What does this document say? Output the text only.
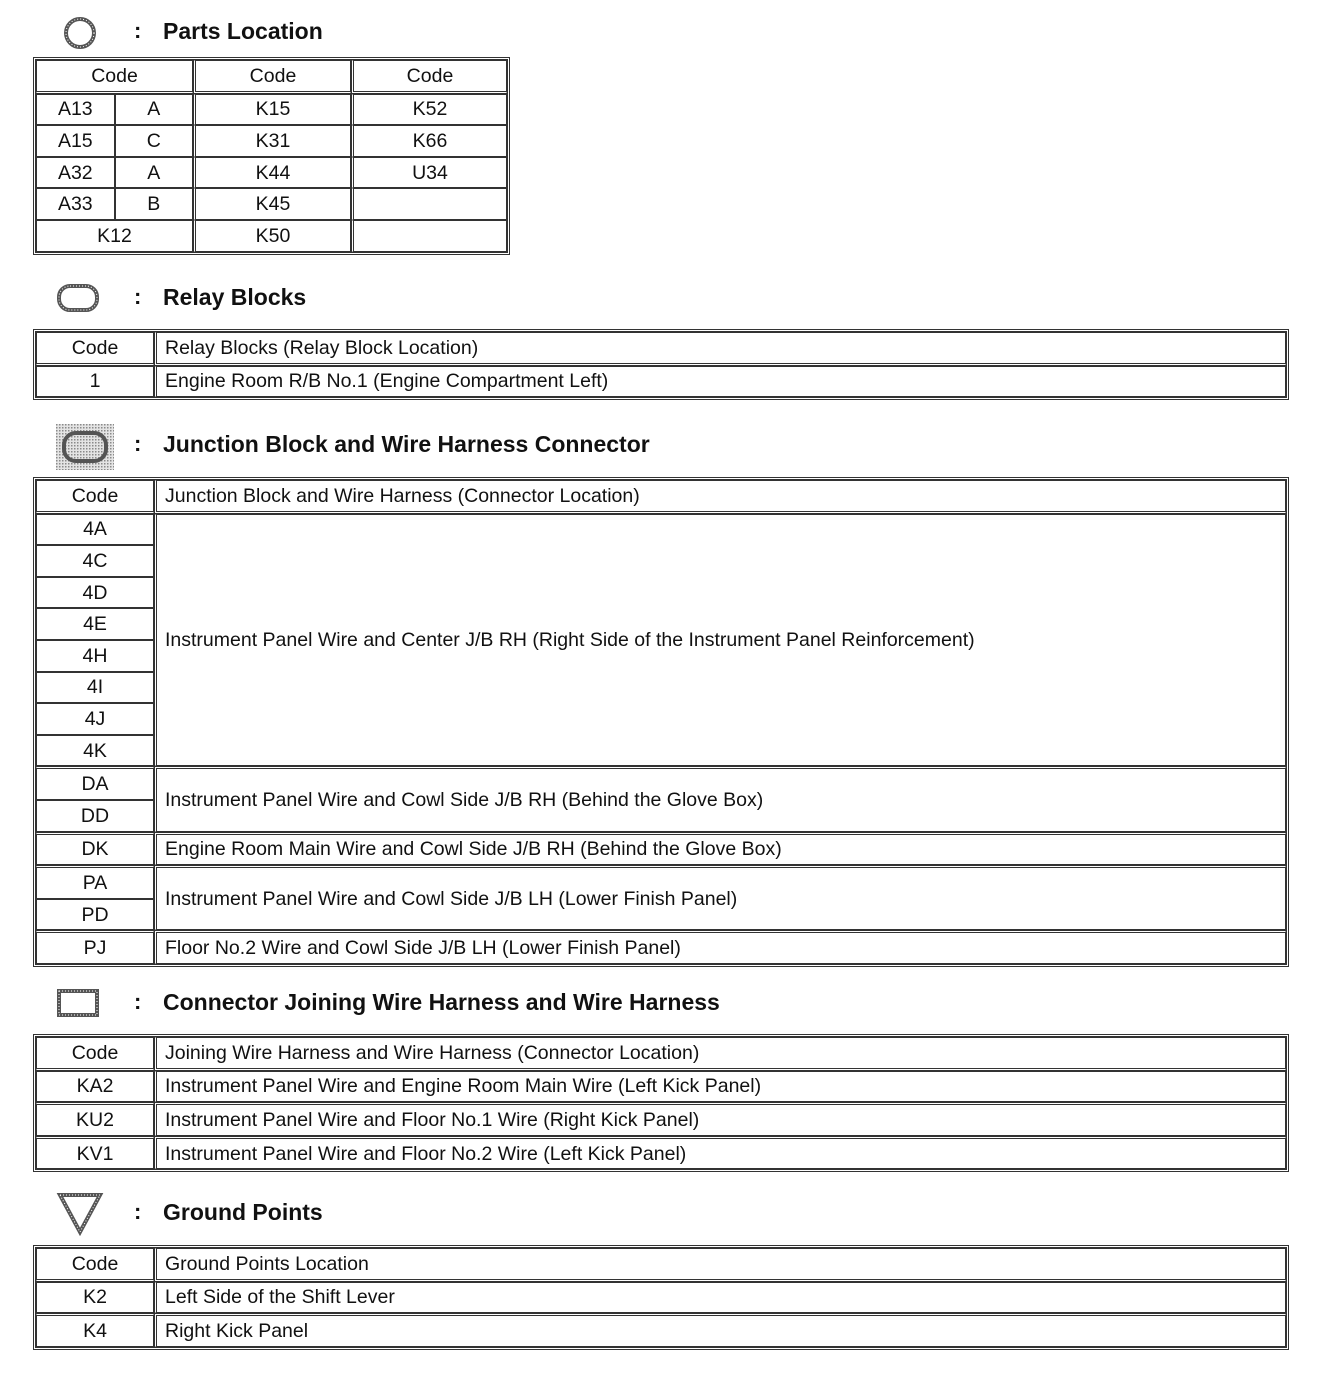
: Parts Location
Code		Code	Code
A13	A	K15	K52
A15	C	K31	K66
A32	A	K44	U34
A33	B	K45	
K12		K50	
: Relay Blocks
Code	Relay Blocks (Relay Block Location)
1	Engine Room R/B No.1 (Engine Compartment Left)
: Junction Block and Wire Harness Connector
Code	Junction Block and Wire Harness (Connector Location)
4A	Instrument Panel Wire and Center J/B RH (Right Side of the Instrument Panel Reinforcement)
4C	
4D	
4E	
4H	
4I	
4J	
4K	
DA	Instrument Panel Wire and Cowl Side J/B RH (Behind the Glove Box)
DD	
DK	Engine Room Main Wire and Cowl Side J/B RH (Behind the Glove Box)
PA	Instrument Panel Wire and Cowl Side J/B LH (Lower Finish Panel)
PD	
PJ	Floor No.2 Wire and Cowl Side J/B LH (Lower Finish Panel)
: Connector Joining Wire Harness and Wire Harness
Code	Joining Wire Harness and Wire Harness (Connector Location)
KA2	Instrument Panel Wire and Engine Room Main Wire (Left Kick Panel)
KU2	Instrument Panel Wire and Floor No.1 Wire (Right Kick Panel)
KV1	Instrument Panel Wire and Floor No.2 Wire (Left Kick Panel)
: Ground Points
Code	Ground Points Location
K2	Left Side of the Shift Lever
K4	Right Kick Panel
